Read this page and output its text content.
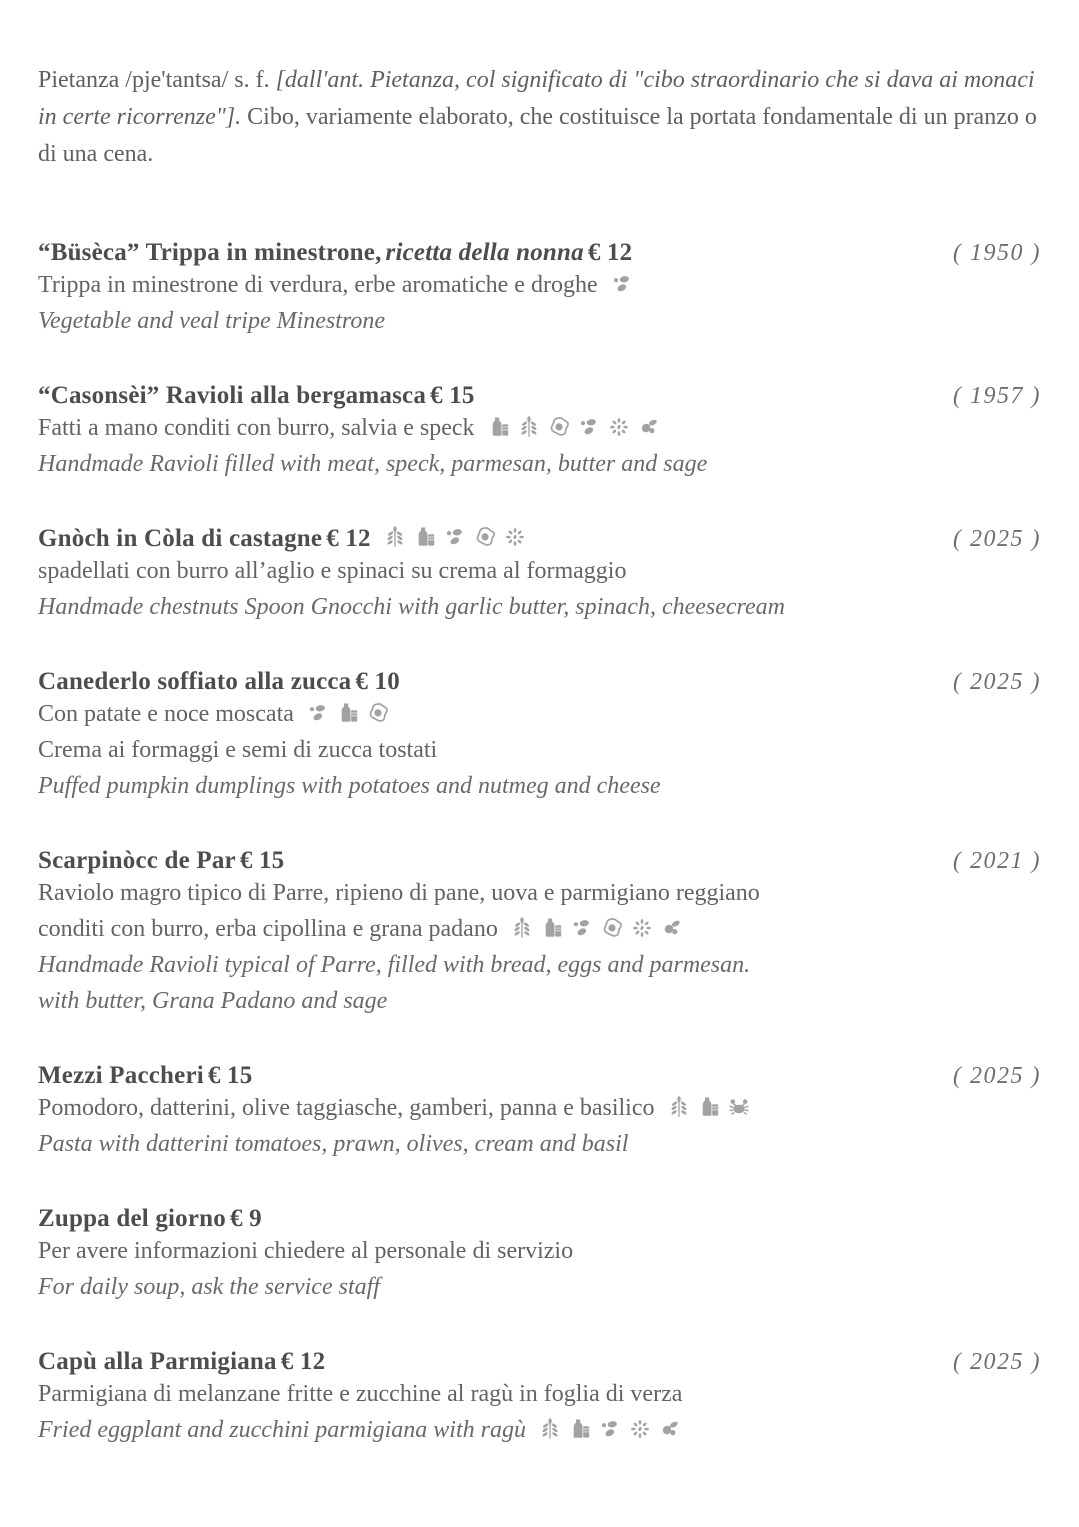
Pietanza /pje'tantsa/ s. f. [dall'ant. Pietanza, col significato di "cibo straordinario che si dava ai monaci in certe ricorrenze"]. Cibo, variamente elaborato, che costituisce la portata fondamentale di un pranzo o di una cena.

“Büsèca” Trippa in minestrone, ricetta della nonna € 12	( 1950 )
Trippa in minestrone di verdura, erbe aromatiche e droghe
Vegetable and veal tripe Minestrone
“Casonsèi” Ravioli alla bergamasca € 15	( 1957 )
Fatti a mano conditi con burro, salvia e speck
Handmade Ravioli filled with meat, speck, parmesan, butter and sage
Gnòch in Còla di castagne € 12	( 2025 )
spadellati con burro all’aglio e spinaci su crema al formaggio
Handmade chestnuts Spoon Gnocchi with garlic butter, spinach, cheesecream
Canederlo soffiato alla zucca € 10	( 2025 )
Con patate e noce moscata
Crema ai formaggi e semi di zucca tostati
Puffed pumpkin dumplings with potatoes and nutmeg and cheese
Scarpinòcc de Par € 15	( 2021 )
Raviolo magro tipico di Parre, ripieno di pane, uova e parmigiano reggiano
conditi con burro, erba cipollina e grana padano
Handmade Ravioli typical of Parre, filled with bread, eggs and parmesan.
with butter, Grana Padano and sage
Mezzi Paccheri € 15	( 2025 )
Pomodoro, datterini, olive taggiasche, gamberi, panna e basilico
Pasta with datterini tomatoes, prawn, olives, cream and basil
Zuppa del giorno € 9
Per avere informazioni chiedere al personale di servizio
For daily soup, ask the service staff
Capù alla Parmigiana € 12	( 2025 )
Parmigiana di melanzane fritte e zucchine al ragù in foglia di verza
Fried eggplant and zucchini parmigiana with ragù
